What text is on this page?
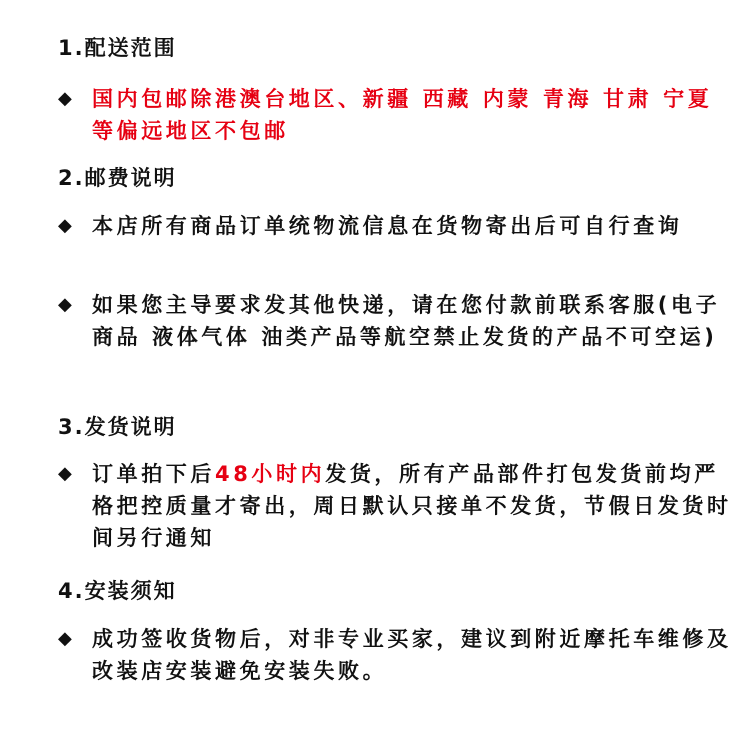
1.配送范围
◆ 国内包邮除港澳台地区、新疆 西藏 内蒙 青海 甘肃 宁夏等偏远地区不包邮
2.邮费说明
◆ 本店所有商品订单统物流信息在货物寄出后可自行查询
◆ 如果您主导要求发其他快递，请在您付款前联系客服(电子商品 液体气体 油类产品等航空禁止发货的产品不可空运)
3.发货说明
◆ 订单拍下后48小时内发货，所有产品部件打包发货前均严格把控质量才寄出，周日默认只接单不发货，节假日发货时间另行通知
4.安装须知
◆ 成功签收货物后，对非专业买家，建议到附近摩托车维修及改装店安装避免安装失败。
